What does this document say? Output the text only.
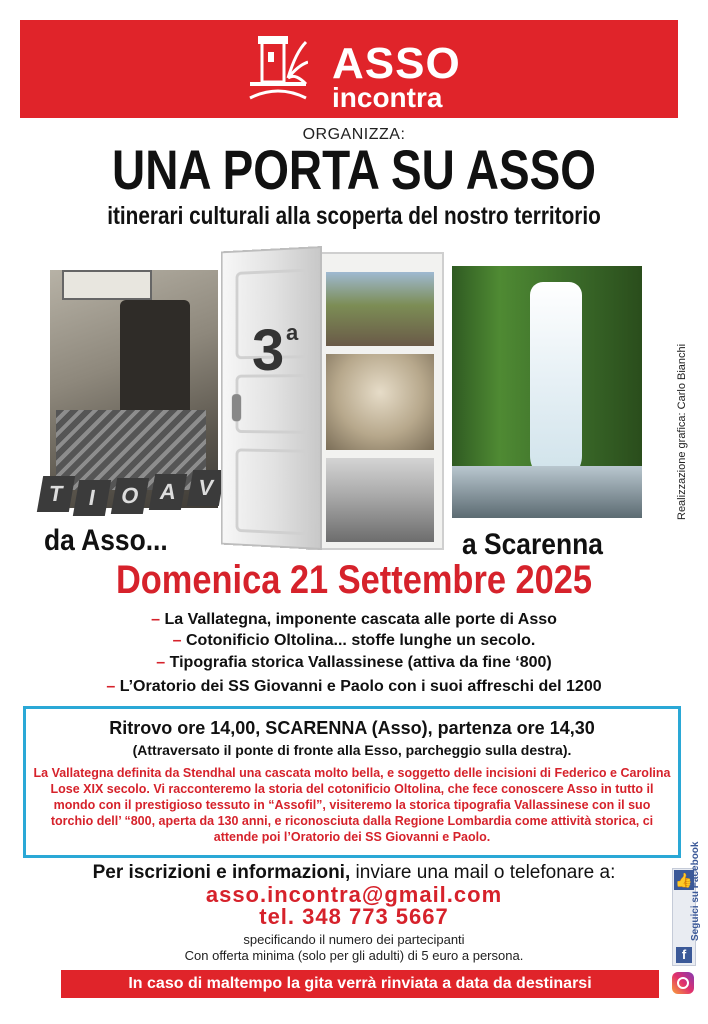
ASSO
incontra
ORGANIZZA:
UNA PORTA SU ASSO
itinerari culturali alla scoperta del nostro territorio
T I O A V
3 a
Realizzazione grafica: Carlo Bianchi
da Asso...	a Scarenna
Domenica 21 Settembre 2025
– La Vallategna, imponente cascata alle porte di Asso
– Cotonificio Oltolina... stoffe lunghe un secolo.
– Tipografia storica Vallassinese (attiva da fine ‘800)
– L’Oratorio dei SS Giovanni e Paolo con i suoi affreschi del 1200
Ritrovo ore 14,00, SCARENNA (Asso), partenza ore 14,30
(Attraversato il ponte di fronte alla Esso, parcheggio sulla destra).
La Vallategna definita da Stendhal una cascata molto bella, e soggetto delle incisioni di Federico e Carolina Lose XIX secolo. Vi racconteremo la storia del cotonificio Oltolina, che fece conoscere Asso in tutto il mondo con il prestigioso tessuto in “Assofil”, visiteremo la storica tipografia Vallassinese con il suo torchio dell’ “800, aperta da 130 anni, e riconosciuta dalla Regione Lombardia come attività storica, ci attende poi l’Oratorio dei SS Giovanni e Paolo.
Per iscrizioni e informazioni, inviare una mail o telefonare a:
asso.incontra@gmail.com
tel. 348 773 5667
specificando il numero dei partecipanti
Con offerta minima (solo per gli adulti) di 5 euro a persona.
In caso di maltempo la gita verrà rinviata a data da destinarsi
👍
Seguici su Facebook
f
